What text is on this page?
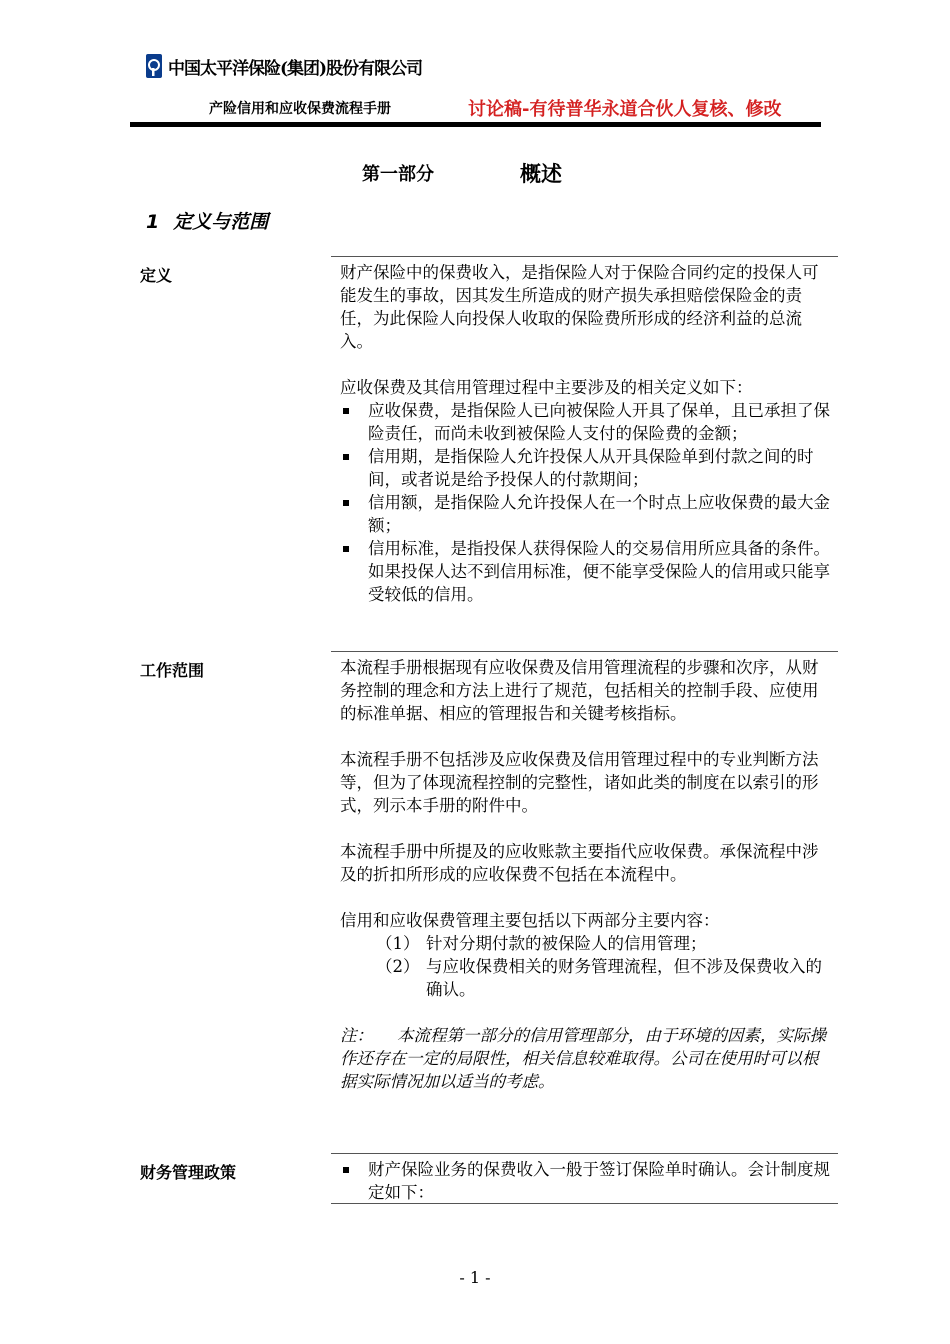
中国太平洋保险(集团)股份有限公司
产险信用和应收保费流程手册	讨论稿-有待普华永道合伙人复核、修改
第一部分	概述
1 定义与范围
定义	财产保险中的保费收入，是指保险人对于保险合同约定的投保人可能发生的事故，因其发生所造成的财产损失承担赔偿保险金的责任，为此保险人向投保人收取的保险费所形成的经济利益的总流入。

应收保费及其信用管理过程中主要涉及的相关定义如下：

应收保费，是指保险人已向被保险人开具了保单，且已承担了保险责任，而尚未收到被保险人支付的保险费的金额；
信用期，是指保险人允许投保人从开具保险单到付款之间的时间，或者说是给予投保人的付款期间；
信用额，是指保险人允许投保人在一个时点上应收保费的最大金额；
信用标准，是指投保人获得保险人的交易信用所应具备的条件。如果投保人达不到信用标准，便不能享受保险人的信用或只能享受较低的信用。
工作范围	本流程手册根据现有应收保费及信用管理流程的步骤和次序，从财务控制的理念和方法上进行了规范，包括相关的控制手段、应使用的标准单据、相应的管理报告和关键考核指标。

本流程手册不包括涉及应收保费及信用管理过程中的专业判断方法等，但为了体现流程控制的完整性，诸如此类的制度在以索引的形式，列示本手册的附件中。

本流程手册中所提及的应收账款主要指代应收保费。承保流程中涉及的折扣所形成的应收保费不包括在本流程中。

信用和应收保费管理主要包括以下两部分主要内容：

（1） 针对分期付款的被保险人的信用管理；
（2） 与应收保费相关的财务管理流程，但不涉及保费收入的确认。

注： 本流程第一部分的信用管理部分，由于环境的因素，实际操作还存在一定的局限性，相关信息较难取得。公司在使用时可以根据实际情况加以适当的考虑。

财务管理政策	财产保险业务的保费收入一般于签订保险单时确认。会计制度规定如下：
- 1 -
